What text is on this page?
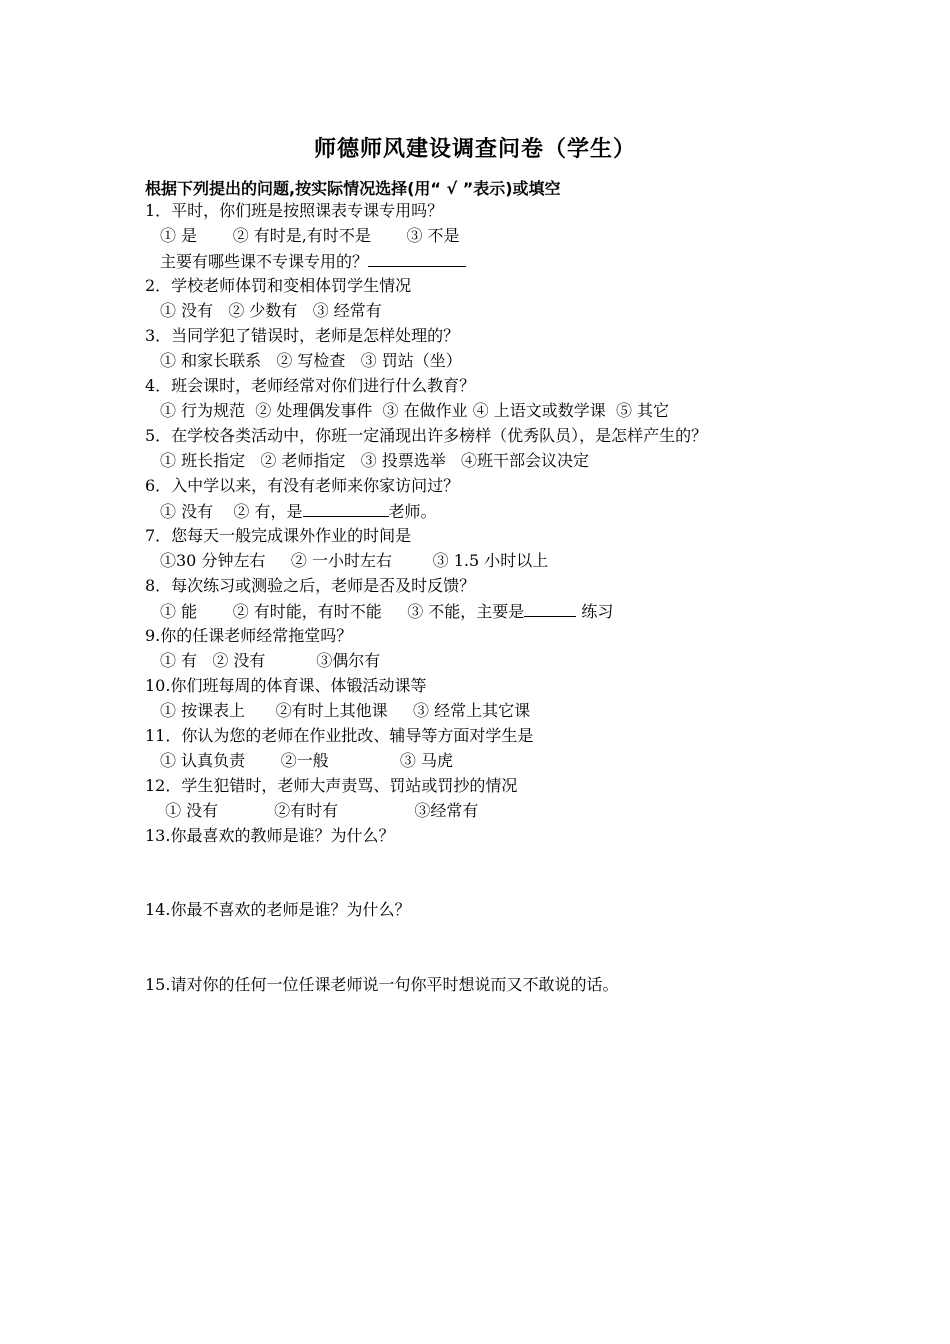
师德师风建设调查问卷（学生）
根据下列提出的问题,按实际情况选择(用“ √ ”表示)或填空
1．平时，你们班是按照课表专课专用吗？
① 是       ② 有时是,有时不是       ③ 不是
主要有哪些课不专课专用的？
2．学校老师体罚和变相体罚学生情况
① 没有   ② 少数有   ③ 经常有
3．当同学犯了错误时，老师是怎样处理的？
① 和家长联系   ② 写检查   ③ 罚站（坐）
4．班会课时，老师经常对你们进行什么教育？
① 行为规范  ② 处理偶发事件  ③ 在做作业 ④ 上语文或数学课  ⑤ 其它
5．在学校各类活动中，你班一定涌现出许多榜样（优秀队员），是怎样产生的？
① 班长指定   ② 老师指定   ③ 投票选举   ④班干部会议决定
6．入中学以来，有没有老师来你家访问过？
① 没有    ② 有，是	老师。
7．您每天一般完成课外作业的时间是
①30 分钟左右     ② 一小时左右        ③ 1.5 小时以上
8．每次练习或测验之后，老师是否及时反馈？
① 能       ② 有时能，有时不能     ③ 不能，主要是	练习
9.你的任课老师经常拖堂吗？
① 有   ② 没有          ③偶尔有
10.你们班每周的体育课、体锻活动课等
① 按课表上      ②有时上其他课     ③ 经常上其它课
11．你认为您的老师在作业批改、辅导等方面对学生是
① 认真负责       ②一般              ③ 马虎
12．学生犯错时，老师大声责骂、罚站或罚抄的情况
① 没有           ②有时有               ③经常有
13.你最喜欢的教师是谁？为什么？
14.你最不喜欢的老师是谁？为什么？
15.请对你的任何一位任课老师说一句你平时想说而又不敢说的话。
